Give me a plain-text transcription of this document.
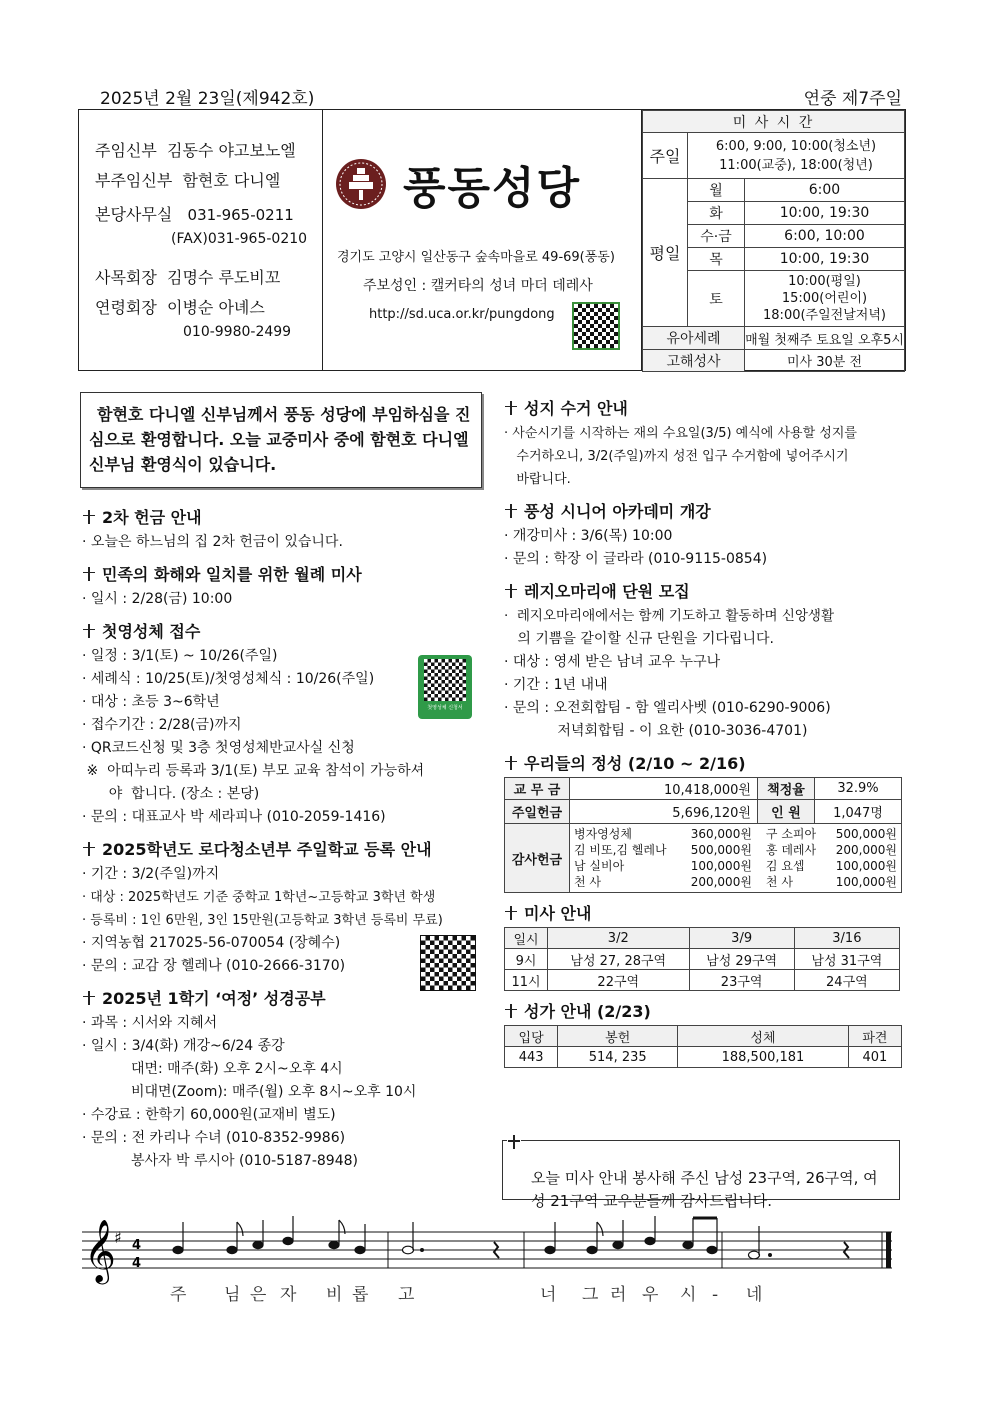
2025년 2월 23일(제942호)	연중 제7주일
주임신부 김동수 야고보노엘
부주임신부 함현호 다니엘
본당사무실 031-965-0211
(FAX)031-965-0210
사목회장 김명수 루도비꼬
연령회장 이병순 아녜스
010-9980-2499
풍동성당
경기도 고양시 일산동구 숲속마을로 49-69(풍동)
주보성인 : 캘커타의 성녀 마더 데레사
http://sd.uca.or.kr/pungdong
미 사 시 간		
주일	6:00, 9:00, 10:00(청소년)
11:00(교중), 18:00(청년)	

평일	월	6:00
	화	10:00, 19:30
	수·금	6:00, 10:00
	목	10:00, 19:30
	토	10:00(평일)
15:00(어린이)
18:00(주일전날저녁)

유아세례		매월 첫째주 토요일 오후5시
고해성사		미사 30분 전
함현호 다니엘 신부님께서 풍동 성당에 부임하심을 진심으로 환영합니다. 오늘 교중미사 중에 함현호 다니엘 신부님 환영식이 있습니다.
2차 헌금 안내
· 오늘은 하느님의 집 2차 헌금이 있습니다.
민족의 화해와 일치를 위한 월례 미사
· 일시 : 2/28(금) 10:00
첫영성체 접수
· 일정 : 3/1(토) ~ 10/26(주일)
· 세례식 : 10/25(토)/첫영성체식 : 10/26(주일)
· 대상 : 초등 3~6학년
· 접수기간 : 2/28(금)까지
· QR코드신청 및 3층 첫영성체반교사실 신청
※  아띠누리 등록과 3/1(토) 부모 교육 참석이 가능하셔
야  합니다. (장소 : 본당)
· 문의 : 대표교사 박 세라피나 (010-2059-1416)
첫영성체 신청서
2025학년도 로다청소년부 주일학교 등록 안내
· 기간 : 3/2(주일)까지
· 대상 : 2025학년도 기준 중학교 1학년~고등학교 3학년 학생
· 등록비 : 1인 6만원, 3인 15만원(고등학교 3학년 등록비 무료)
· 지역농협 217025-56-070054 (장혜수)
· 문의 : 교감 장 헬레나 (010-2666-3170)
2025년 1학기 ‘여정’ 성경공부
· 과목 : 시서와 지혜서
· 일시 : 3/4(화) 개강~6/24 종강
대면: 매주(화) 오후 2시~오후 4시
비대면(Zoom): 매주(월) 오후 8시~오후 10시
· 수강료 : 한학기 60,000원(교재비 별도)
· 문의 : 전 카리나 수녀 (010-8352-9986)
봉사자 박 루시아 (010-5187-8948)
성지 수거 안내
· 사순시기를 시작하는 재의 수요일(3/5) 예식에 사용할 성지를
수거하오니, 3/2(주일)까지 성전 입구 수거함에 넣어주시기
바랍니다.
풍성 시니어 아카데미 개강
· 개강미사 : 3/6(목) 10:00
· 문의 : 학장 이 글라라 (010-9115-0854)
레지오마리애 단원 모집
·  레지오마리애에서는 함께 기도하고 활동하며 신앙생활
의 기쁨을 같이할 신규 단원을 기다립니다.
· 대상 : 영세 받은 남녀 교우 누구나
· 기간 : 1년 내내
· 문의 : 오전회합팀 - 함 엘리사벳 (010-6290-9006)
저녁회합팀 - 이 요한 (010-3036-4701)
우리들의 정성 (2/10 ~ 2/16)
교 무 금	10,418,000원	책정율	32.9%
주일헌금	5,696,120원	인 원	1,047명
감사헌금	
병자영성체	360,000원	구 소피아	500,000원
김 비또,김 헬레나	500,000원	홍 데레사	200,000원
남 실비아	100,000원	김 요셉	100,000원
천 사	200,000원	천 사	100,000원
미사 안내
일시	3/2	3/9	3/16
9시	남성 27, 28구역	남성 29구역	남성 31구역
11시	22구역	23구역	24구역
성가 안내 (2/23)
입당	봉헌	성체	파견
443	514, 235	188,500,181	401
오늘 미사 안내 봉사해 주신 남성 23구역, 26구역, 여성 21구역 교우분들께 감사드립니다.
𝄞
♯ 4
4
주 님 은 자 비 롭 고	너 그 러 우 시 - 네
